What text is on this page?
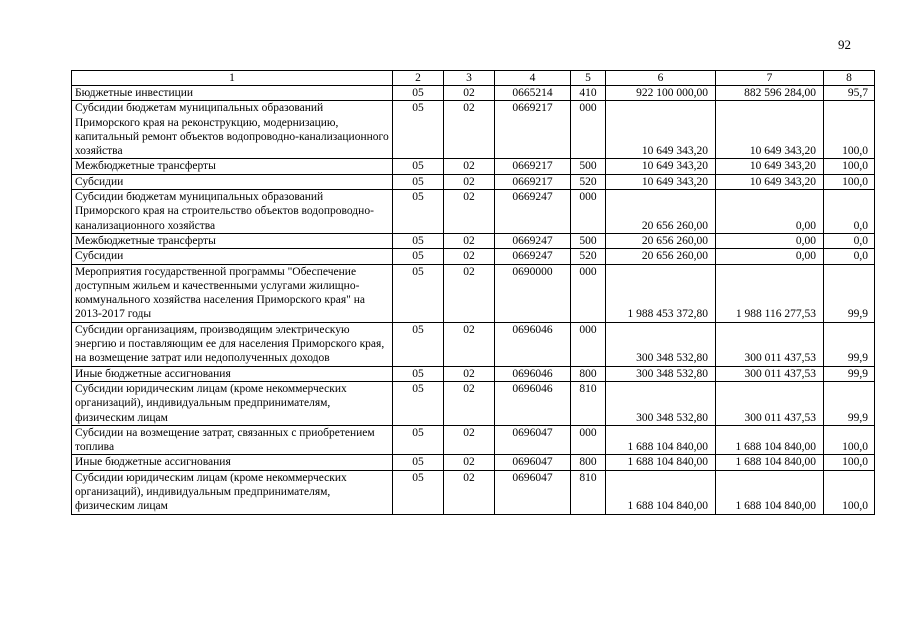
92
1	2	3	4	5	6	7	8
Бюджетные инвестиции	05	02	0665214	410	922 100 000,00	882 596 284,00	95,7
Субсидии бюджетам муниципальных образований Приморского края на реконструкцию, модернизацию, капитальный ремонт объектов водопроводно-канализационного хозяйства	05	02	0669217	000	10 649 343,20	10 649 343,20	100,0
Межбюджетные трансферты	05	02	0669217	500	10 649 343,20	10 649 343,20	100,0
Субсидии	05	02	0669217	520	10 649 343,20	10 649 343,20	100,0
Субсидии бюджетам муниципальных образований Приморского края на строительство объектов водопроводно-канализационного хозяйства	05	02	0669247	000	20 656 260,00	0,00	0,0
Межбюджетные трансферты	05	02	0669247	500	20 656 260,00	0,00	0,0
Субсидии	05	02	0669247	520	20 656 260,00	0,00	0,0
Мероприятия государственной программы "Обеспечение доступным жильем и качественными услугами жилищно-коммунального хозяйства населения Приморского края" на 2013-2017 годы	05	02	0690000	000	1 988 453 372,80	1 988 116 277,53	99,9
Субсидии организациям, производящим электрическую энергию и поставляющим ее для населения Приморского края, на возмещение затрат или недополученных доходов	05	02	0696046	000	300 348 532,80	300 011 437,53	99,9
Иные бюджетные ассигнования	05	02	0696046	800	300 348 532,80	300 011 437,53	99,9
Субсидии юридическим лицам (кроме некоммерческих организаций), индивидуальным предпринимателям, физическим лицам	05	02	0696046	810	300 348 532,80	300 011 437,53	99,9
Субсидии на возмещение затрат, связанных с приобретением топлива	05	02	0696047	000	1 688 104 840,00	1 688 104 840,00	100,0
Иные бюджетные ассигнования	05	02	0696047	800	1 688 104 840,00	1 688 104 840,00	100,0
Субсидии юридическим лицам (кроме некоммерческих организаций), индивидуальным предпринимателям, физическим лицам	05	02	0696047	810	1 688 104 840,00	1 688 104 840,00	100,0
